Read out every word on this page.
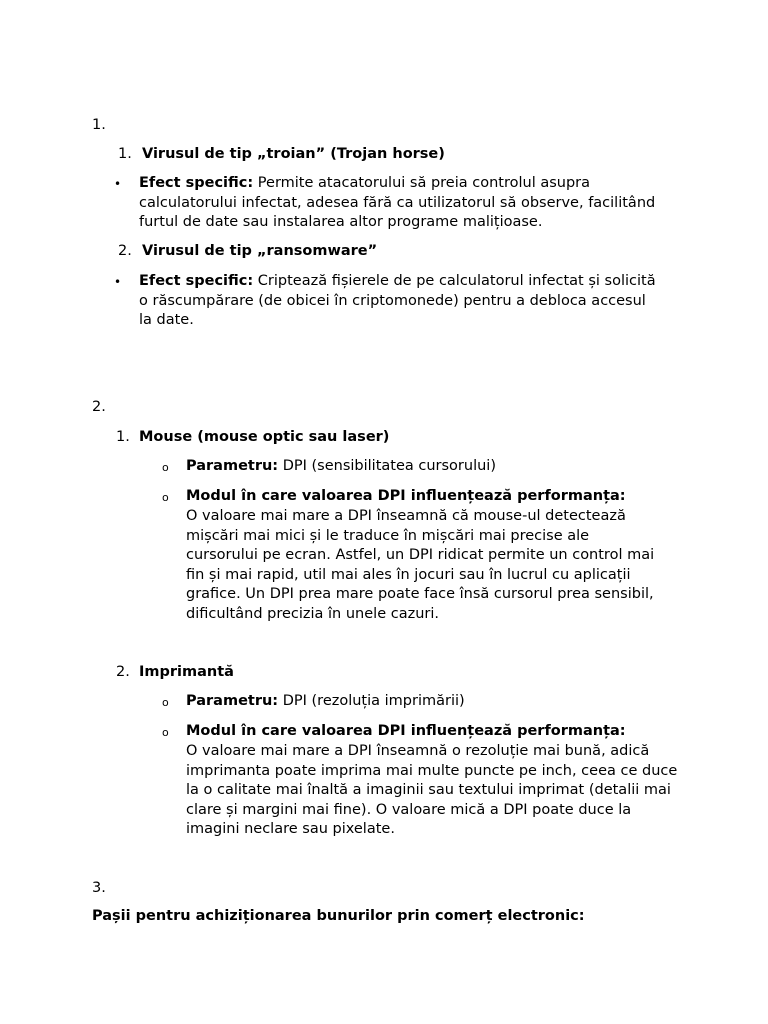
1.
1. Virusul de tip „troian” (Trojan horse)
• Efect specific: Permite atacatorului să preia controlul asupra calculatorului infectat, adesea fără ca utilizatorul să observe, facilitând furtul de date sau instalarea altor programe malițioase.
2. Virusul de tip „ransomware”
• Efect specific: Criptează fișierele de pe calculatorul infectat și solicită o răscumpărare (de obicei în criptomonede) pentru a debloca accesul la date.
2.
1. Mouse (mouse optic sau laser)
o Parametru: DPI (sensibilitatea cursorului)
o Modul în care valoarea DPI influențează performanța:
O valoare mai mare a DPI înseamnă că mouse-ul detectează mișcări mai mici și le traduce în mișcări mai precise ale cursorului pe ecran. Astfel, un DPI ridicat permite un control mai fin și mai rapid, util mai ales în jocuri sau în lucrul cu aplicații grafice. Un DPI prea mare poate face însă cursorul prea sensibil, dificultând precizia în unele cazuri.
2. Imprimantă
o Parametru: DPI (rezoluția imprimării)
o Modul în care valoarea DPI influențează performanța:
O valoare mai mare a DPI înseamnă o rezoluție mai bună, adică imprimanta poate imprima mai multe puncte pe inch, ceea ce duce la o calitate mai înaltă a imaginii sau textului imprimat (detalii mai clare și margini mai fine). O valoare mică a DPI poate duce la imagini neclare sau pixelate.
3.
Pașii pentru achiziționarea bunurilor prin comerț electronic:
